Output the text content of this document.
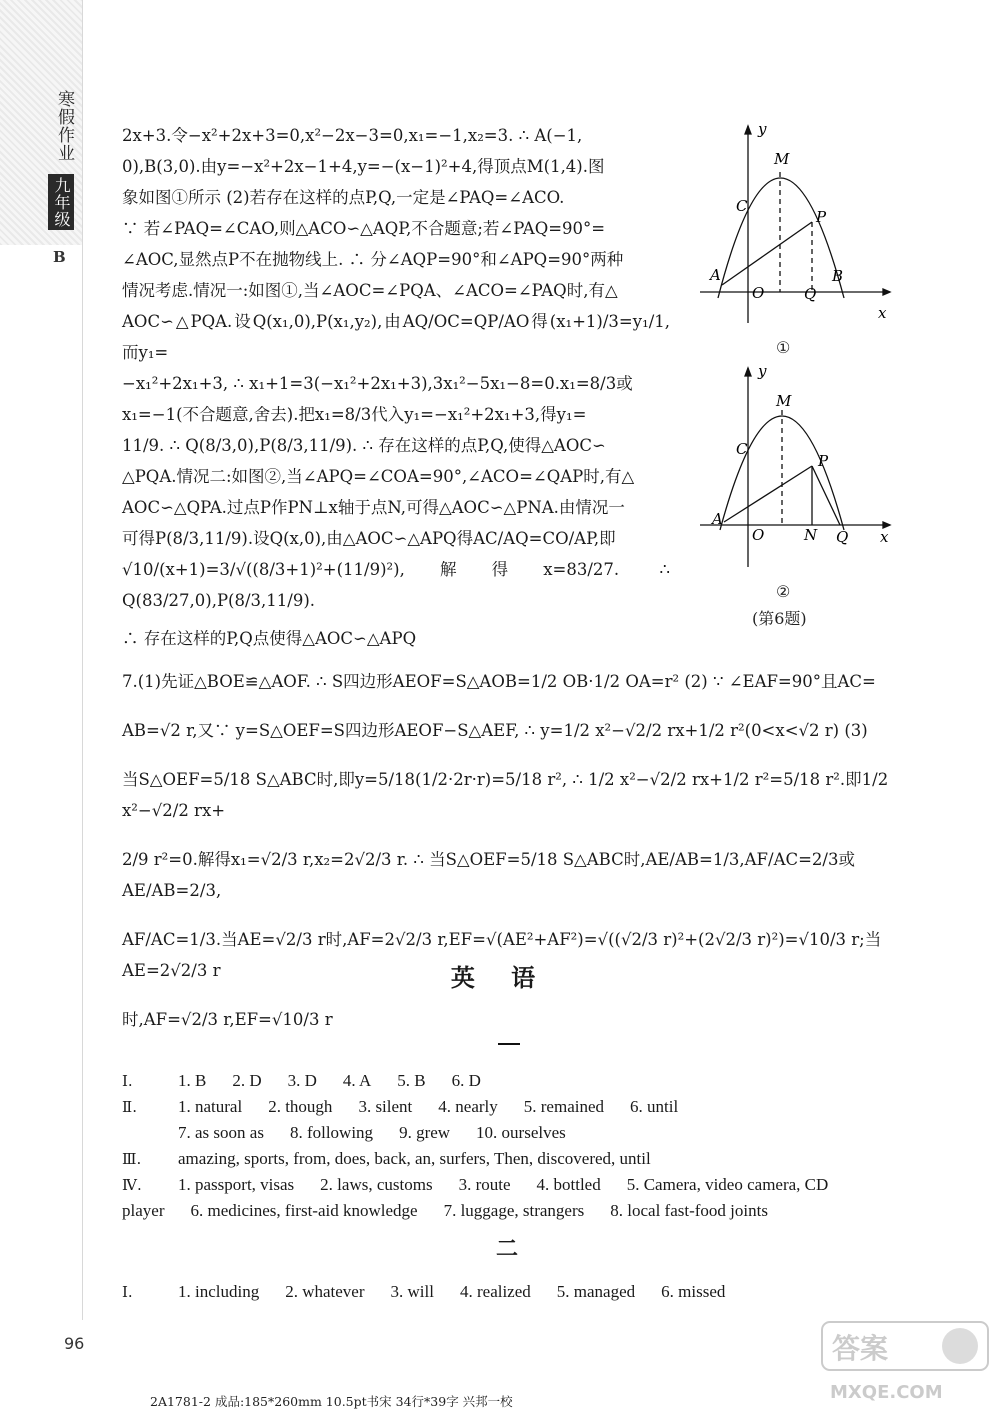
寒假作业
九年级
B

2x+3.令−x²+2x+3=0,x²−2x−3=0,x₁=−1,x₂=3. ∴ A(−1,

0),B(3,0).由y=−x²+2x−1+4,y=−(x−1)²+4,得顶点M(1,4).图

象如图①所示 (2)若存在这样的点P,Q,一定是∠PAQ=∠ACO.

∵ 若∠PAQ=∠CAO,则△ACO∽△AQP,不合题意;若∠PAQ=90°=

∠AOC,显然点P不在抛物线上. ∴ 分∠AQP=90°和∠APQ=90°两种

情况考虑.情况一:如图①,当∠AOC=∠PQA、∠ACO=∠PAQ时,有△

AOC∽△PQA.设Q(x₁,0),P(x₁,y₂),由AQ/OC=QP/AO得(x₁+1)/3=y₁/1,而y₁=

−x₁²+2x₁+3, ∴ x₁+1=3(−x₁²+2x₁+3),3x₁²−5x₁−8=0.x₁=8/3或

x₁=−1(不合题意,舍去).把x₁=8/3代入y₁=−x₁²+2x₁+3,得y₁=

11/9. ∴ Q(8/3,0),P(8/3,11/9). ∴ 存在这样的点P,Q,使得△AOC∽

△PQA.情况二:如图②,当∠APQ=∠COA=90°,∠ACO=∠QAP时,有△

AOC∽△QPA.过点P作PN⊥x轴于点N,可得△AOC∽△PNA.由情况一

可得P(8/3,11/9).设Q(x,0),由△AOC∽△APQ得AC/AQ=CO/AP,即

√10/(x+1)=3/√((8/3+1)²+(11/9)²),解得x=83/27. ∴ Q(83/27,0),P(8/3,11/9).

y
x
M
C
P
A
O	Q
B
①
y
x
M
C
P
A
O	N Q
②
(第6题)

∴ 存在这样的P,Q点使得△AOC∽△APQ

7.(1)先证△BOE≌△AOF. ∴ S四边形AEOF=S△AOB=1/2 OB·1/2 OA=r² (2) ∵ ∠EAF=90°且AC=

AB=√2 r,又∵ y=S△OEF=S四边形AEOF−S△AEF, ∴ y=1/2 x²−√2/2 rx+1/2 r²(0<x<√2 r) (3)

当S△OEF=5/18 S△ABC时,即y=5/18(1/2·2r·r)=5/18 r², ∴ 1/2 x²−√2/2 rx+1/2 r²=5/18 r².即1/2 x²−√2/2 rx+

2/9 r²=0.解得x₁=√2/3 r,x₂=2√2/3 r. ∴ 当S△OEF=5/18 S△ABC时,AE/AB=1/3,AF/AC=2/3或AE/AB=2/3,

AF/AC=1/3.当AE=√2/3 r时,AF=2√2/3 r,EF=√(AE²+AF²)=√((√2/3 r)²+(2√2/3 r)²)=√10/3 r;当AE=2√2/3 r

时,AF=√2/3 r,EF=√10/3 r

英 语
Ⅰ.	1. B 2. D 3. D 4. A 5. B 6. D
Ⅱ. 1. natural 2. though 3. silent 4. nearly 5. remained 6. until
7. as soon as 8. following 9. grew 10. ourselves
Ⅲ. amazing, sports, from, does, back, an, surfers, Then, discovered, until
Ⅳ. 1. passport, visas 2. laws, customs 3. route 4. bottled 5. Camera, video camera, CD
player 6. medicines, first-aid knowledge 7. luggage, strangers 8. local fast-food joints
二
Ⅰ.	1. including 2. whatever 3. will 4. realized 5. managed 6. missed
96
2A1781-2 成品:185*260mm 10.5pt书宋 34行*39字 兴邦一校
答案
MXQE.COM
